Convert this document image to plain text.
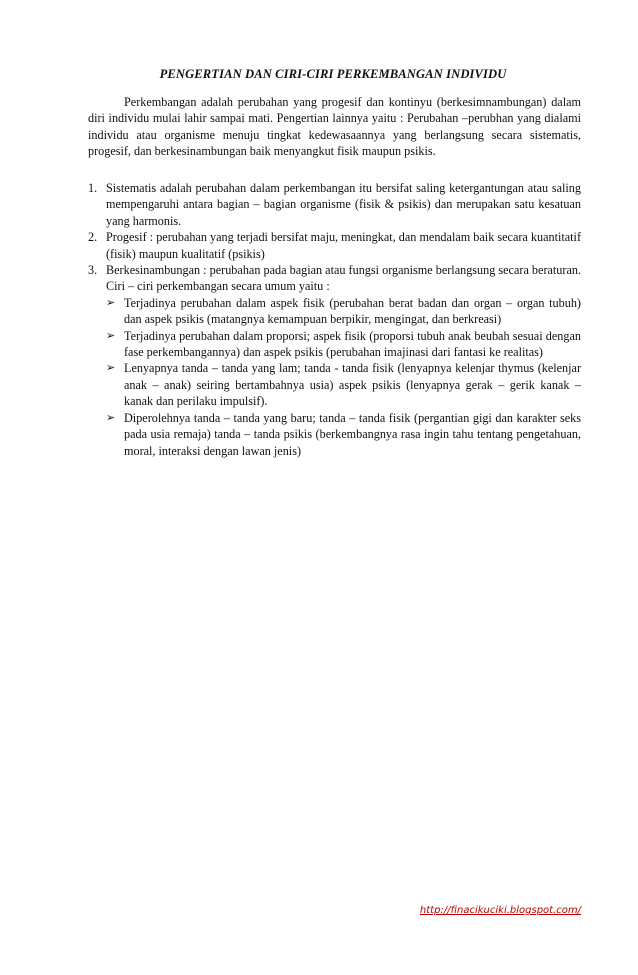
PENGERTIAN DAN CIRI-CIRI PERKEMBANGAN INDIVIDU

Perkembangan adalah perubahan yang progesif dan kontinyu (berkesimnambungan) dalam diri individu mulai lahir sampai mati. Pengertian lainnya yaitu : Perubahan –perubhan yang dialami individu atau organisme menuju tingkat kedewasaannya yang berlangsung secara sistematis, progesif, dan berkesinambungan baik menyangkut fisik maupun psikis.

1. Sistematis adalah perubahan dalam perkembangan itu bersifat saling ketergantungan atau saling mempengaruhi antara bagian – bagian organisme (fisik & psikis) dan merupakan satu kesatuan yang harmonis.
2. Progesif : perubahan yang terjadi bersifat maju, meningkat, dan mendalam baik secara kuantitatif (fisik) maupun kualitatif (psikis)
3. Berkesinambungan : perubahan pada bagian atau fungsi organisme berlangsung secara beraturan. Ciri – ciri perkembangan secara umum yaitu :
➢ Terjadinya perubahan dalam aspek fisik (perubahan berat badan dan organ – organ tubuh) dan aspek psikis (matangnya kemampuan berpikir, mengingat, dan berkreasi)
➢ Terjadinya perubahan dalam proporsi; aspek fisik (proporsi tubuh anak beubah sesuai dengan fase perkembangannya) dan aspek psikis (perubahan imajinasi dari fantasi ke realitas)
➢ Lenyapnya tanda – tanda yang lam; tanda - tanda fisik (lenyapnya kelenjar thymus (kelenjar anak – anak) seiring bertambahnya usia) aspek psikis (lenyapnya gerak – gerik kanak – kanak dan perilaku impulsif).
➢ Diperolehnya tanda – tanda yang baru; tanda – tanda fisik (pergantian gigi dan karakter seks pada usia remaja) tanda – tanda psikis (berkembangnya rasa ingin tahu tentang pengetahuan, moral, interaksi dengan lawan jenis)
http://finacikuciki.blogspot.com/
